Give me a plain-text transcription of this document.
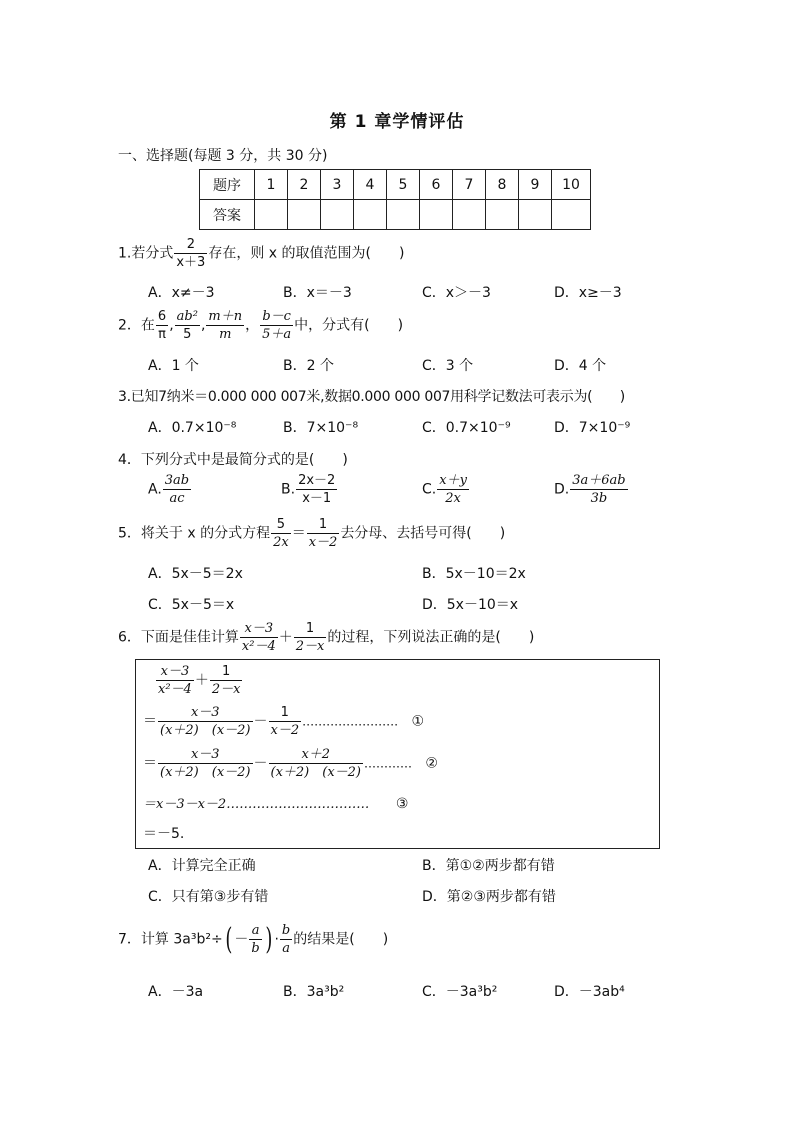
第 1 章学情评估
一、选择题(每题 3 分，共 30 分)
题序	1	2	3	4	5	6	7	8	9	10
答案										
1.若分式 $\frac{2}{x+3}$ 存在，则 x 的取值范围为(　　)
A．x≠－3	B．x＝－3	C．x＞－3	D．x≥－3
2．在 $\frac{6}{\pi}$ , $\frac{\text{ab²}}{5}$ , $\frac{m+n}{m}$ ， $\frac{b-c}{5+a}$ 中，分式有(　　)
A．1 个	B．2 个	C．3 个	D．4 个
3.已知7纳米＝0.000 000 007米,数据0.000 000 007用科学记数法可表示为(　　)
A．0.7×10⁻⁸	B．7×10⁻⁸	C．0.7×10⁻⁹	D．7×10⁻⁹
4．下列分式中是最简分式的是(　　)
A. $\frac{3ab}{ac}$	B. $\frac{2x-2}{x-1}$	C. $\frac{x+y}{2x}$	D. $\frac{3a+6ab}{3b}$
5．将关于 x 的分式方程 $\frac{5}{2x} = \frac{1}{x-2}$ 去分母、去括号可得(　　)
A．5x－5＝2x	B．5x－10＝2x
C．5x－5＝x	D．5x－10＝x
6．下面是佳佳计算 $\frac{x-3}{\text{x²－4}} + \frac{1}{2-x}$ 的过程，下列说法正确的是(　　)
$\frac{x-3}{\text{x²－4}} + \frac{1}{2-x}$
＝ $\frac{x-3}{(x+2) (x-2)} - \frac{1}{x-2}$ …………………… ①
＝ $\frac{x-3}{(x+2) (x-2)} - \frac{x+2}{(x+2) (x-2)}$ ………… ②
＝x－3－x－2…………………………… ③
＝－5.
A．计算完全正确	B．第①②两步都有错
C．只有第③步有错	D．第②③两步都有错
7．计算 $3a^3b^2\div( - \frac{a}{b}$ ) · $\frac{b}{a}$ 的结果是(　　)
A．－3a	B．3a³b²	C．－3a³b²	D．－3ab⁴
